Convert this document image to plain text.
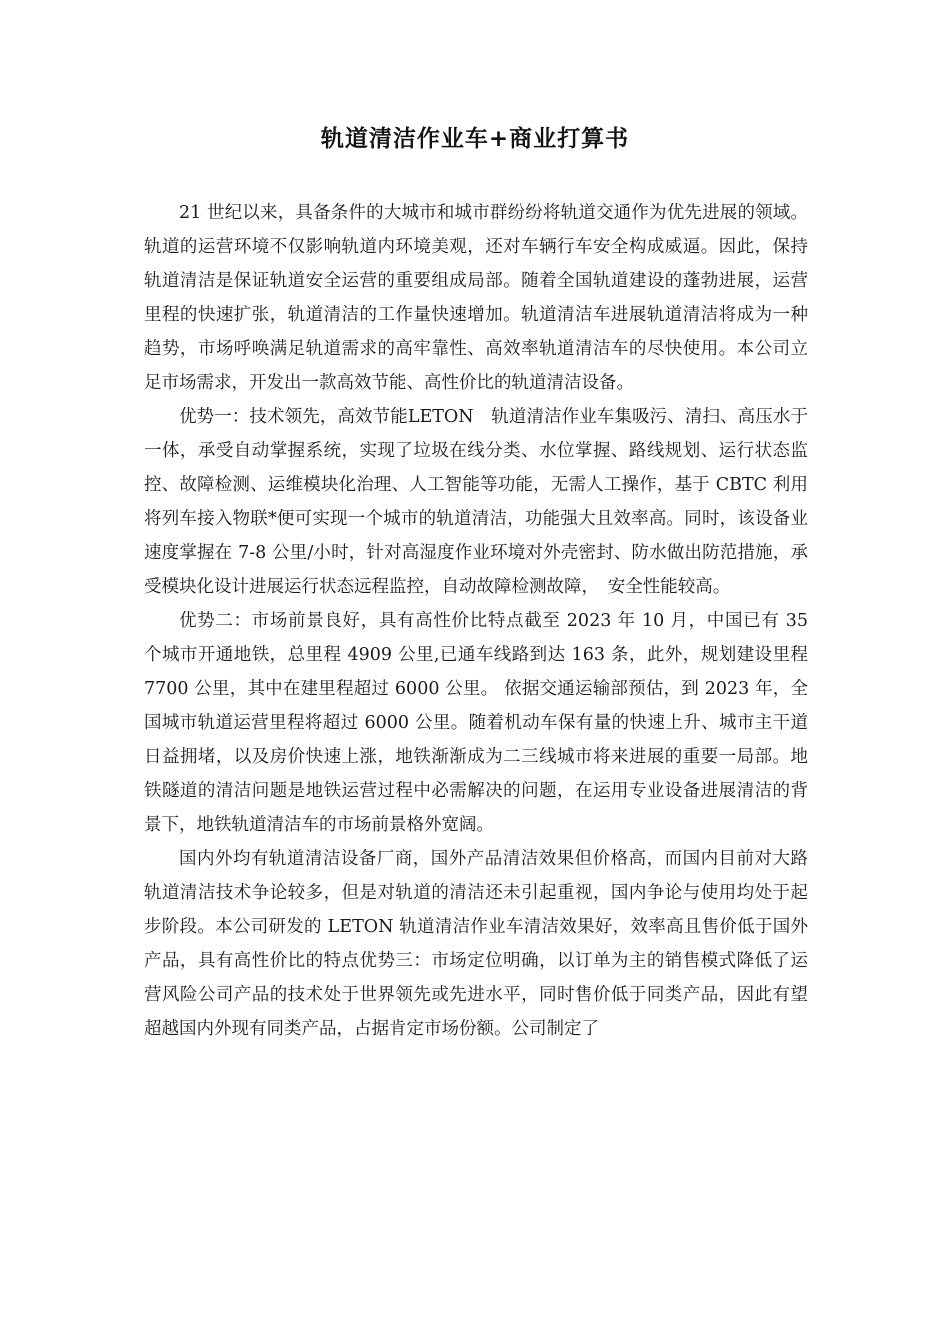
轨道清洁作业车+商业打算书

21 世纪以来，具备条件的大城市和城市群纷纷将轨道交通作为优先进展的领域。轨道的运营环境不仅影响轨道内环境美观，还对车辆行车安全构成威逼。因此，保持轨道清洁是保证轨道安全运营的重要组成局部。随着全国轨道建设的蓬勃进展，运营里程的快速扩张，轨道清洁的工作量快速增加。轨道清洁车进展轨道清洁将成为一种趋势，市场呼唤满足轨道需求的高牢靠性、高效率轨道清洁车的尽快使用。本公司立足市场需求，开发出一款高效节能、高性价比的轨道清洁设备。

优势一：技术领先，高效节能LETON　轨道清洁作业车集吸污、清扫、高压水于一体，承受自动掌握系统，实现了垃圾在线分类、水位掌握、路线规划、运行状态监控、故障检测、运维模块化治理、人工智能等功能，无需人工操作，基于 CBTC 利用将列车接入物联*便可实现一个城市的轨道清洁，功能强大且效率高。同时，该设备业速度掌握在 7-8 公里/小时，针对高湿度作业环境对外壳密封、防水做出防范措施，承受模块化设计进展运行状态远程监控，自动故障检测故障，　安全性能较高。

优势二：市场前景良好，具有高性价比特点截至 2023 年 10 月，中国已有 35 个城市开通地铁，总里程 4909 公里,已通车线路到达 163 条，此外，规划建设里程 7700 公里，其中在建里程超过 6000 公里。 依据交通运输部预估，到 2023 年，全国城市轨道运营里程将超过 6000 公里。随着机动车保有量的快速上升、城市主干道日益拥堵，以及房价快速上涨，地铁渐渐成为二三线城市将来进展的重要一局部。地铁隧道的清洁问题是地铁运营过程中必需解决的问题，在运用专业设备进展清洁的背景下，地铁轨道清洁车的市场前景格外宽阔。

国内外均有轨道清洁设备厂商，国外产品清洁效果但价格高，而国内目前对大路轨道清洁技术争论较多，但是对轨道的清洁还未引起重视，国内争论与使用均处于起步阶段。本公司研发的 LETON 轨道清洁作业车清洁效果好，效率高且售价低于国外产品，具有高性价比的特点优势三：市场定位明确，以订单为主的销售模式降低了运营风险公司产品的技术处于世界领先或先进水平，同时售价低于同类产品，因此有望超越国内外现有同类产品，占据肯定市场份额。公司制定了
